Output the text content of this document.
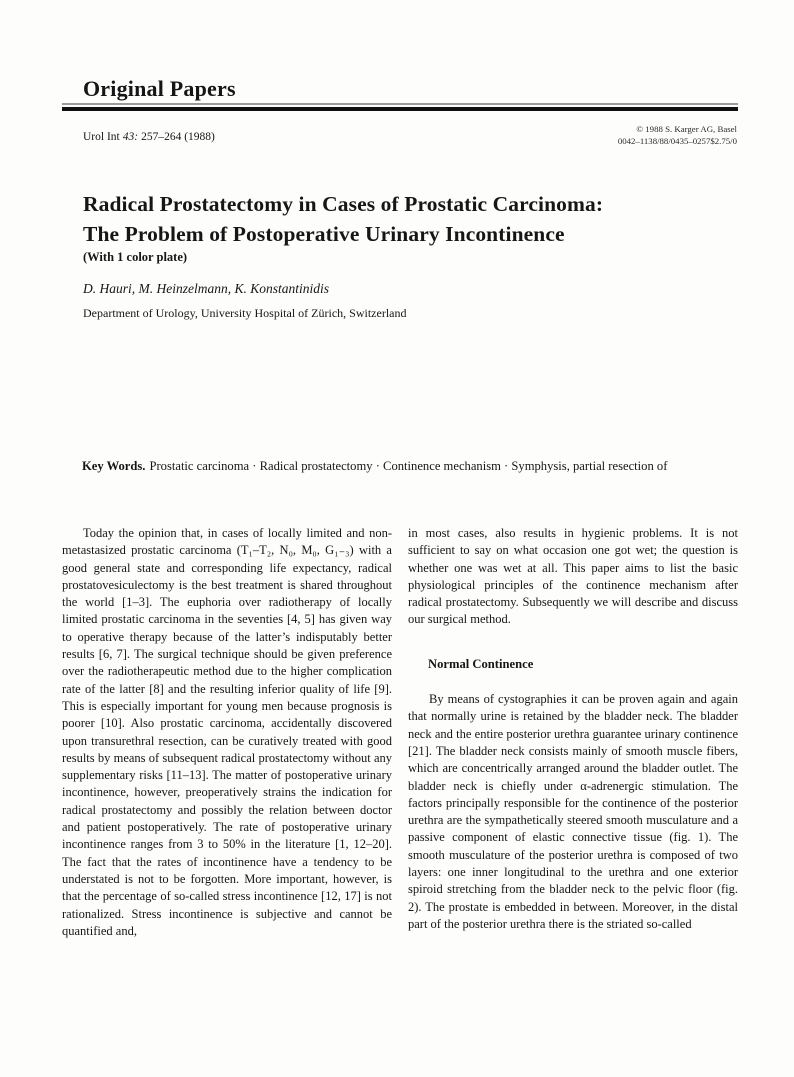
Original Papers
Urol Int 43: 257–264 (1988)
© 1988 S. Karger AG, Basel
0042–1138/88/0435–0257$2.75/0
Radical Prostatectomy in Cases of Prostatic Carcinoma:
The Problem of Postoperative Urinary Incontinence
(With 1 color plate)
D. Hauri, M. Heinzelmann, K. Konstantinidis
Department of Urology, University Hospital of Zürich, Switzerland
Key Words. Prostatic carcinoma · Radical prostatectomy · Continence mechanism · Symphysis, partial resection of

Today the opinion that, in cases of locally limited and non-metastasized prostatic carcinoma (T₁–T₂, N₀, M₀, G₁₋₃) with a good general state and corresponding life expectancy, radical prostatovesiculectomy is the best treatment is shared throughout the world [1–3]. The euphoria over radiotherapy of locally limited prostatic carcinoma in the seventies [4, 5] has given way to operative therapy because of the latter’s indisputably better results [6, 7]. The surgical technique should be given preference over the radiotherapeutic method due to the higher complication rate of the latter [8] and the resulting inferior quality of life [9]. This is especially important for young men because prognosis is poorer [10]. Also prostatic carcinoma, accidentally discovered upon transurethral resection, can be curatively treated with good results by means of subsequent radical prostatectomy without any supplementary risks [11–13]. The matter of postoperative urinary incontinence, however, preoperatively strains the indication for radical prostatectomy and possibly the relation between doctor and patient postoperatively. The rate of postoperative urinary incontinence ranges from 3 to 50% in the literature [1, 12–20]. The fact that the rates of incontinence have a tendency to be understated is not to be forgotten. More important, however, is that the percentage of so-called stress incontinence [12, 17] is not rationalized. Stress incontinence is subjective and cannot be quantified and,

in most cases, also results in hygienic problems. It is not sufficient to say on what occasion one got wet; the question is whether one was wet at all. This paper aims to list the basic physiological principles of the continence mechanism after radical prostatectomy. Subsequently we will describe and discuss our surgical method.

Normal Continence

By means of cystographies it can be proven again and again that normally urine is retained by the bladder neck. The bladder neck and the entire posterior urethra guarantee urinary continence [21]. The bladder neck consists mainly of smooth muscle fibers, which are concentrically arranged around the bladder outlet. The bladder neck is chiefly under α-adrenergic stimulation. The factors principally responsible for the continence of the posterior urethra are the sympathetically steered smooth musculature and a passive component of elastic connective tissue (fig. 1). The smooth musculature of the posterior urethra is composed of two layers: one inner longitudinal to the urethra and one exterior spiroid stretching from the bladder neck to the pelvic floor (fig. 2). The prostate is embedded in between. Moreover, in the distal part of the posterior urethra there is the striated so-called
